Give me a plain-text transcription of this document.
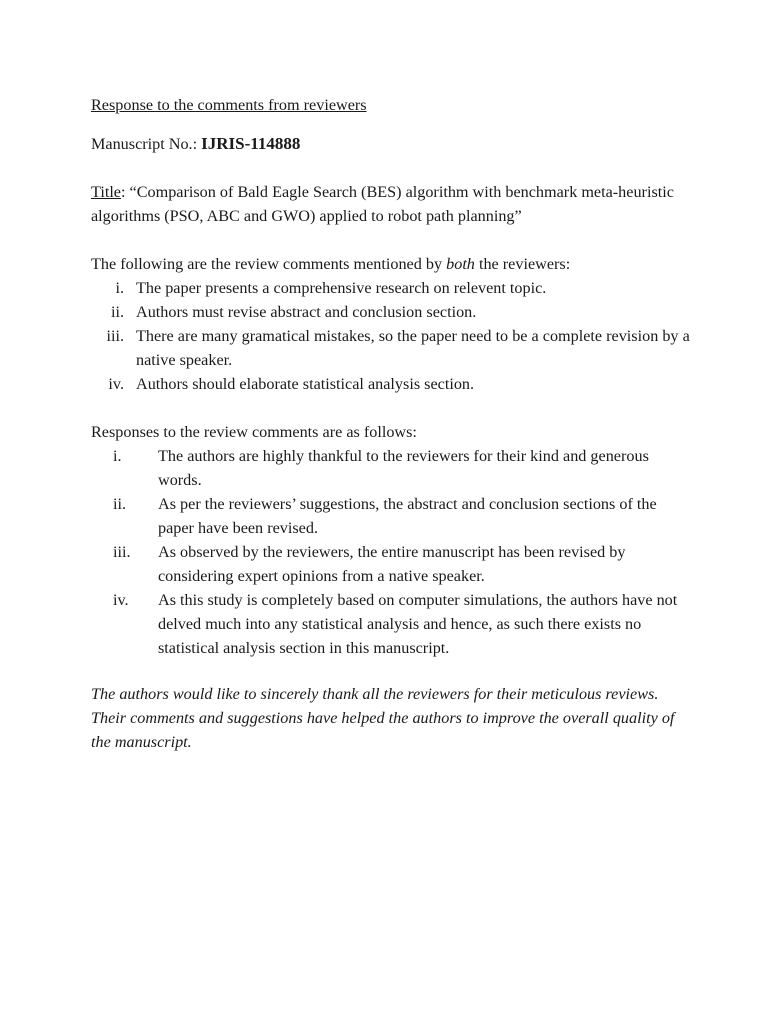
Response to the comments from reviewers
Manuscript No.: IJRIS-114888
Title: “Comparison of Bald Eagle Search (BES) algorithm with benchmark meta-heuristic algorithms (PSO, ABC and GWO) applied to robot path planning”
The following are the review comments mentioned by both the reviewers:
i. The paper presents a comprehensive research on relevent topic.
ii. Authors must revise abstract and conclusion section.
iii. There are many gramatical mistakes, so the paper need to be a complete revision by a native speaker.
iv. Authors should elaborate statistical analysis section.
Responses to the review comments are as follows:
i.	The authors are highly thankful to the reviewers for their kind and generous words.
ii.	As per the reviewers’ suggestions, the abstract and conclusion sections of the paper have been revised.
iii.	As observed by the reviewers, the entire manuscript has been revised by considering expert opinions from a native speaker.
iv.	As this study is completely based on computer simulations, the authors have not delved much into any statistical analysis and hence, as such there exists no statistical analysis section in this manuscript.
The authors would like to sincerely thank all the reviewers for their meticulous reviews. Their comments and suggestions have helped the authors to improve the overall quality of the manuscript.
